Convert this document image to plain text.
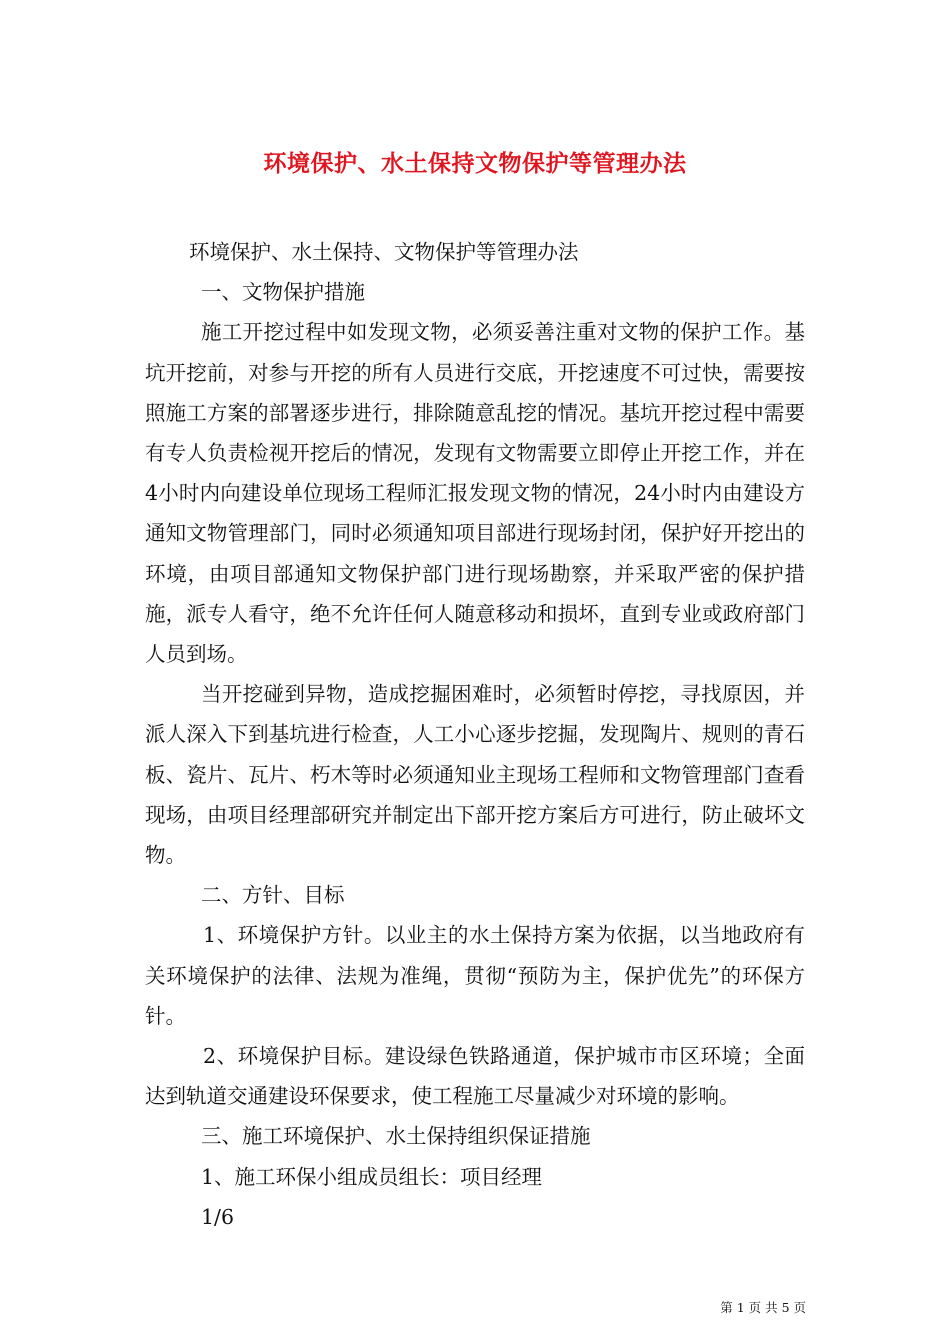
环境保护、水土保持文物保护等管理办法

环境保护、水土保持、文物保护等管理办法

一、文物保护措施

施工开挖过程中如发现文物，必须妥善注重对文物的保护工作。基坑开挖前，对参与开挖的所有人员进行交底，开挖速度不可过快，需要按照施工方案的部署逐步进行，排除随意乱挖的情况。基坑开挖过程中需要有专人负责检视开挖后的情况，发现有文物需要立即停止开挖工作，并在4小时内向建设单位现场工程师汇报发现文物的情况，24小时内由建设方通知文物管理部门，同时必须通知项目部进行现场封闭，保护好开挖出的环境，由项目部通知文物保护部门进行现场勘察，并采取严密的保护措施，派专人看守，绝不允许任何人随意移动和损坏，直到专业或政府部门人员到场。

当开挖碰到异物，造成挖掘困难时，必须暂时停挖，寻找原因，并派人深入下到基坑进行检查，人工小心逐步挖掘，发现陶片、规则的青石板、瓷片、瓦片、朽木等时必须通知业主现场工程师和文物管理部门查看现场，由项目经理部研究并制定出下部开挖方案后方可进行，防止破坏文物。

二、方针、目标

1、环境保护方针。以业主的水土保持方案为依据，以当地政府有关环境保护的法律、法规为准绳，贯彻“预防为主，保护优先”的环保方针。

2、环境保护目标。建设绿色铁路通道，保护城市市区环境；全面达到轨道交通建设环保要求，使工程施工尽量减少对环境的影响。

三、施工环境保护、水土保持组织保证措施

1、施工环保小组成员组长：项目经理

1/6

第 1 页 共 5 页
